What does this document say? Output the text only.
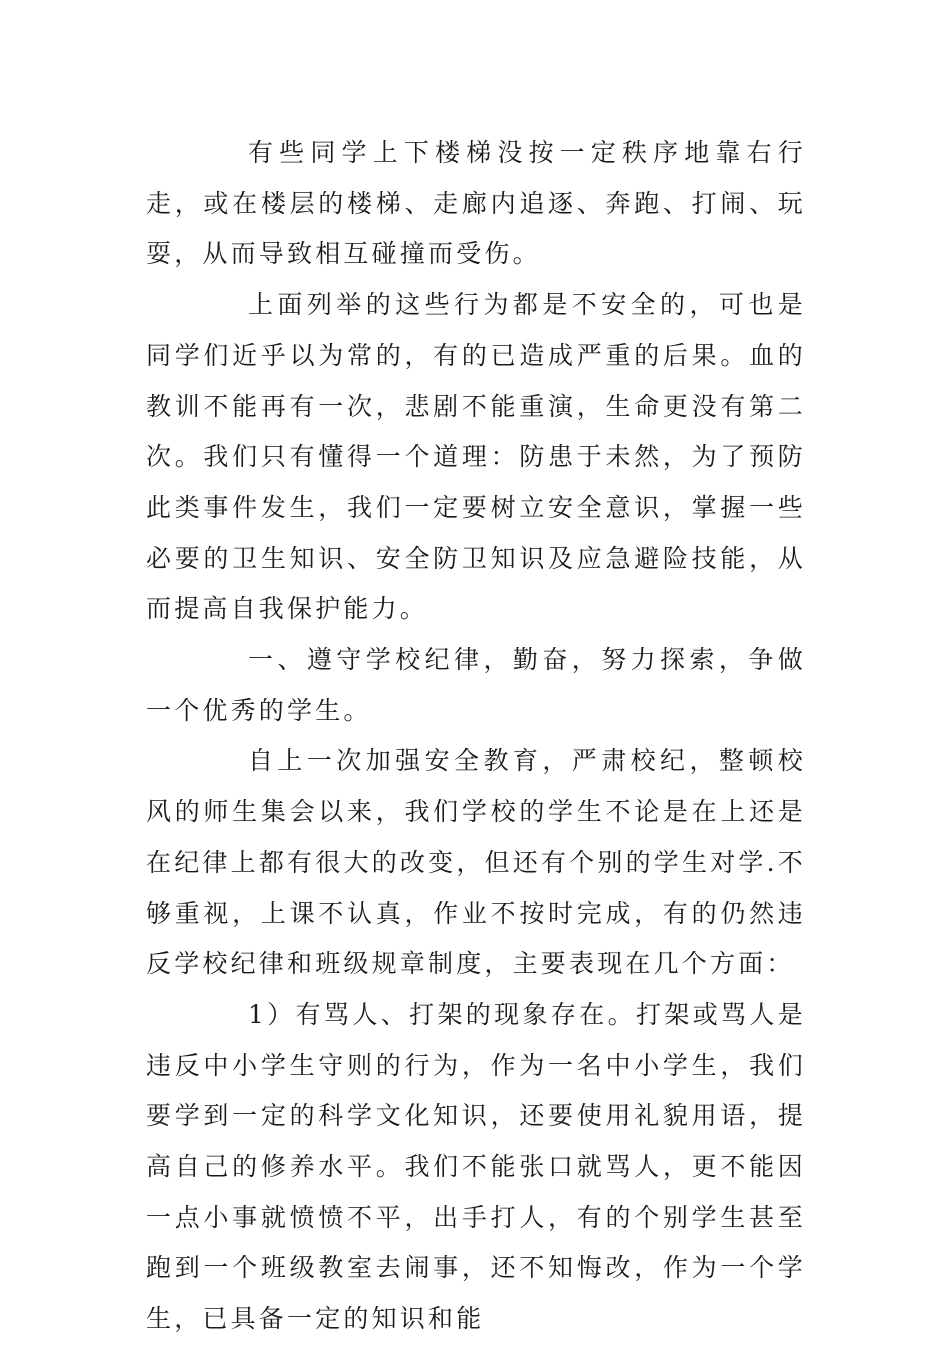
有些同学上下楼梯没按一定秩序地靠右行走，或在楼层的楼梯、走廊内追逐、奔跑、打闹、玩耍，从而导致相互碰撞而受伤。

上面列举的这些行为都是不安全的，可也是同学们近乎以为常的，有的已造成严重的后果。血的教训不能再有一次，悲剧不能重演，生命更没有第二次。我们只有懂得一个道理：防患于未然，为了预防此类事件发生，我们一定要树立安全意识，掌握一些必要的卫生知识、安全防卫知识及应急避险技能，从而提高自我保护能力。

一、遵守学校纪律，勤奋，努力探索，争做一个优秀的学生。

自上一次加强安全教育，严肃校纪，整顿校风的师生集会以来，我们学校的学生不论是在上还是在纪律上都有很大的改变，但还有个别的学生对学.不够重视，上课不认真，作业不按时完成，有的仍然违反学校纪律和班级规章制度，主要表现在几个方面：

1）有骂人、打架的现象存在。打架或骂人是违反中小学生守则的行为，作为一名中小学生，我们要学到一定的科学文化知识，还要使用礼貌用语，提高自己的修养水平。我们不能张口就骂人，更不能因一点小事就愤愤不平，出手打人，有的个别学生甚至跑到一个班级教室去闹事，还不知悔改，作为一个学生，已具备一定的知识和能
